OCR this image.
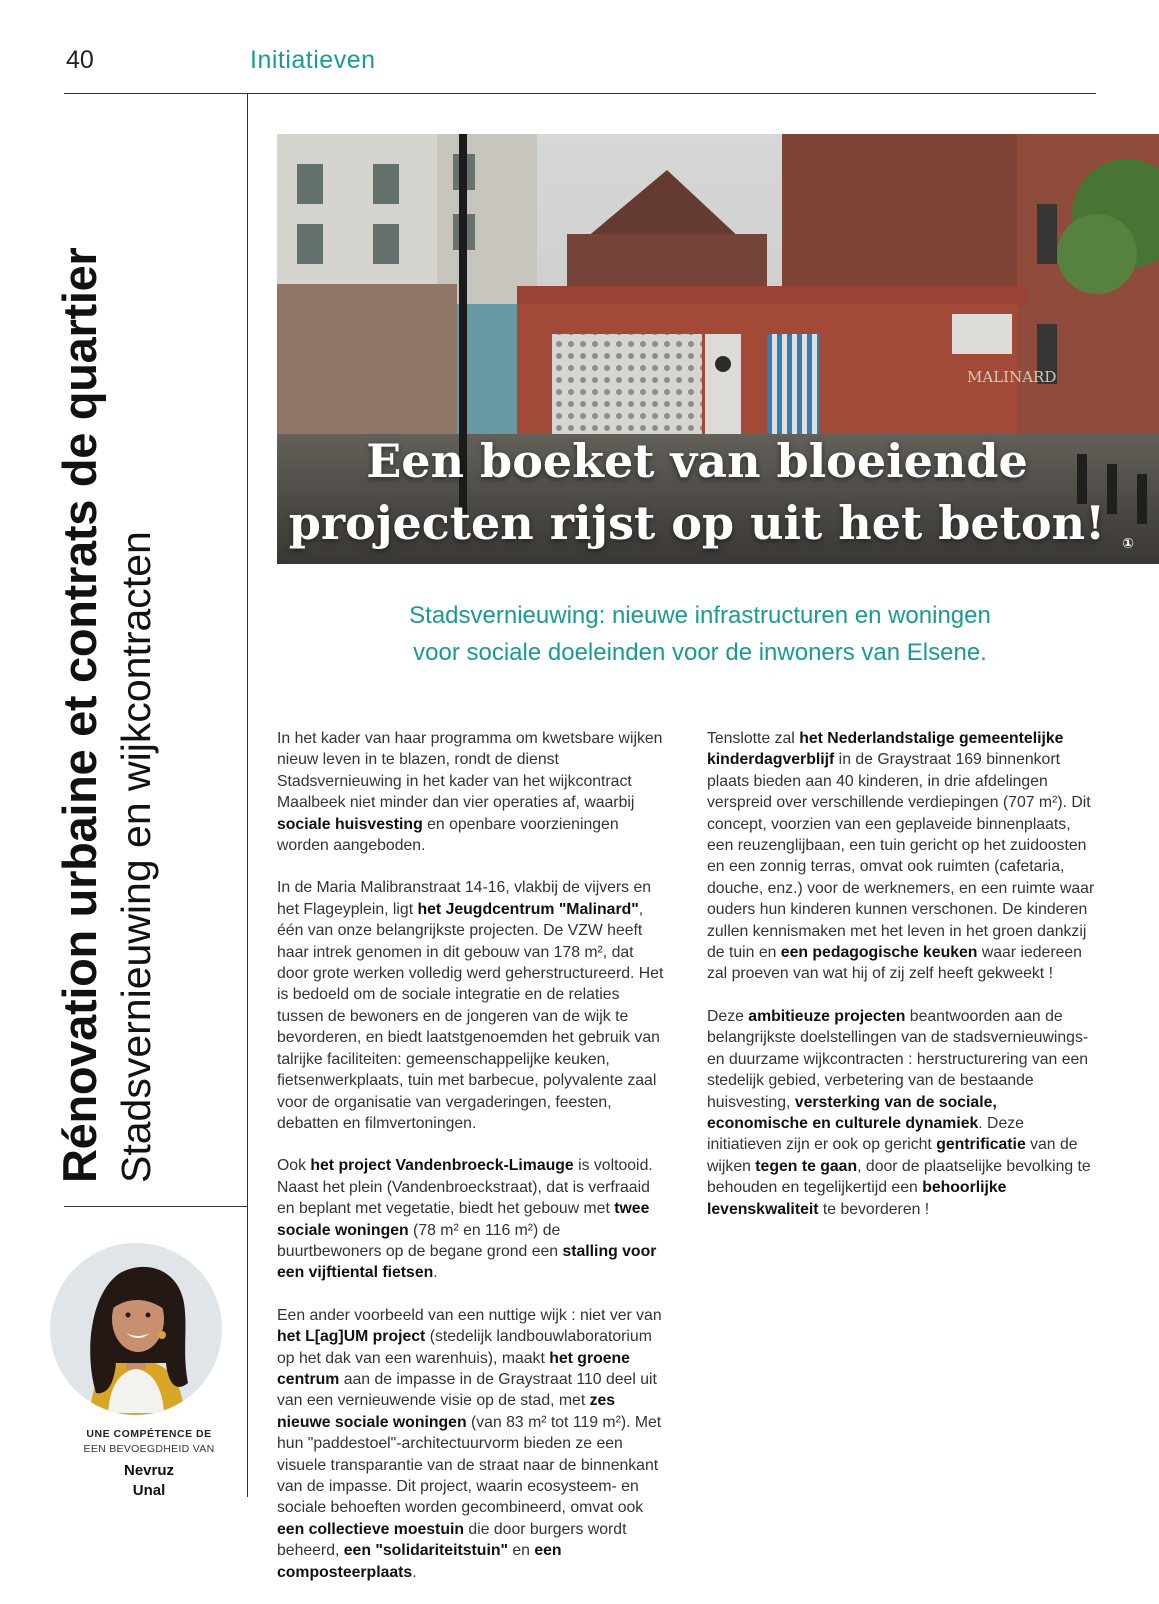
40	Initiatieven
Rénovation urbaine et contrats de quartier Stadsvernieuwing en wijkcontracten
UNE COMPÉTENCE DE
EEN BEVOEGDHEID VAN
Nevruz
Unal
Een boeket van bloeiende
projecten rijst op uit het beton!	①
Stadsvernieuwing: nieuwe infrastructuren en woningen
voor sociale doeleinden voor de inwoners van Elsene.

In het kader van haar programma om kwetsbare wijken nieuw leven in te blazen, rondt de dienst Stadsvernieuwing in het kader van het wijkcontract Maalbeek niet minder dan vier operaties af, waarbij sociale huisvesting en openbare voorzieningen worden aangeboden.

In de Maria Malibranstraat 14-16, vlakbij de vijvers en het Flageyplein, ligt het Jeugdcentrum "Malinard", één van onze belangrijkste projecten. De VZW heeft haar intrek genomen in dit gebouw van 178 m², dat door grote werken volledig werd geherstructureerd. Het is bedoeld om de sociale integratie en de relaties tussen de bewoners en de jongeren van de wijk te bevorderen, en biedt laatstgenoemden het gebruik van talrijke faciliteiten: gemeenschappelijke keuken, fietsenwerkplaats, tuin met barbecue, polyvalente zaal voor de organisatie van vergaderingen, feesten, debatten en filmvertoningen.

Ook het project Vandenbroeck-Limauge is voltooid. Naast het plein (Vandenbroeckstraat), dat is verfraaid en beplant met vegetatie, biedt het gebouw met twee sociale woningen (78 m² en 116 m²) de buurtbewoners op de begane grond een stalling voor een vijftiental fietsen.

Een ander voorbeeld van een nuttige wijk : niet ver van het L[ag]UM project (stedelijk landbouwlaboratorium op het dak van een warenhuis), maakt het groene centrum aan de impasse in de Graystraat 110 deel uit van een vernieuwende visie op de stad, met zes nieuwe sociale woningen (van 83 m² tot 119 m²). Met hun "paddestoel"-architectuurvorm bieden ze een visuele transparantie van de straat naar de binnenkant van de impasse. Dit project, waarin ecosysteem- en sociale behoeften worden gecombineerd, omvat ook een collectieve moestuin die door burgers wordt beheerd, een "solidariteitstuin" en een composteerplaats.

Tenslotte zal het Nederlandstalige gemeentelijke kinderdagverblijf in de Graystraat 169 binnenkort plaats bieden aan 40 kinderen, in drie afdelingen verspreid over verschillende verdiepingen (707 m²). Dit concept, voorzien van een geplaveide binnenplaats, een reuzenglijbaan, een tuin gericht op het zuidoosten en een zonnig terras, omvat ook ruimten (cafetaria, douche, enz.) voor de werknemers, en een ruimte waar ouders hun kinderen kunnen verschonen. De kinderen zullen kennismaken met het leven in het groen dankzij de tuin en een pedagogische keuken waar iedereen zal proeven van wat hij of zij zelf heeft gekweekt !

Deze ambitieuze projecten beantwoorden aan de belangrijkste doelstellingen van de stadsvernieuwings- en duurzame wijkcontracten : herstructurering van een stedelijk gebied, verbetering van de bestaande huisvesting, versterking van de sociale, economische en culturele dynamiek. Deze initiatieven zijn er ook op gericht gentrificatie van de wijken tegen te gaan, door de plaatselijke bevolking te behouden en tegelijkertijd een behoorlijke levenskwaliteit te bevorderen !
